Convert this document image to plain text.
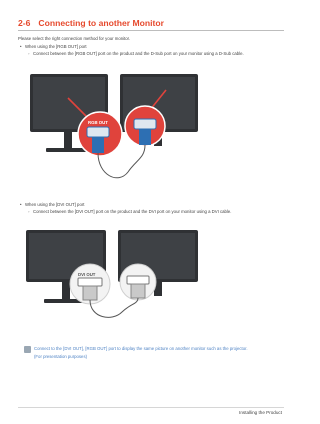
2-6 Connecting to another Monitor
Please select the right connection method for your monitor.
• When using the [RGB OUT] port
◦ Connect between the [RGB OUT] port on the product and the D-Sub port on your monitor using a D-Sub cable.
RGB OUT
• When using the [DVI OUT] port
◦ Connect between the [DVI OUT] port on the product and the DVI port on your monitor using a DVI cable.
DVI OUT
Connect to the [DVI OUT], [RGB OUT] port to display the same picture on another monitor such as the projector.
(For presentation purposes)
Installing the Product
